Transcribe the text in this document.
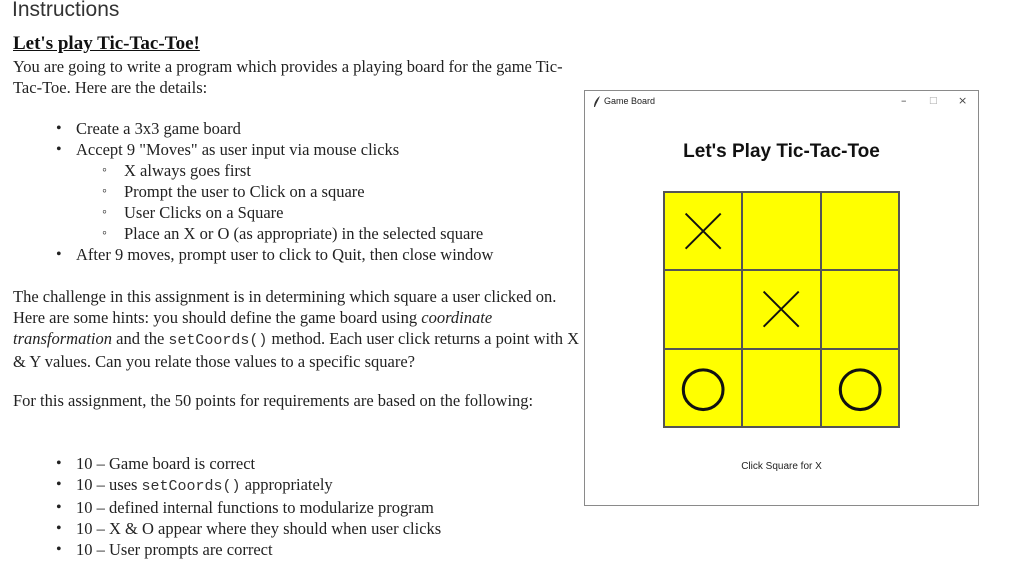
Instructions
Let's play Tic-Tac-Toe!
You are going to write a program which provides a playing board for the game Tic-Tac-Toe. Here are the details:
• Create a 3x3 game board
• Accept 9 "Moves" as user input via mouse clicks
◦ X always goes first
◦ Prompt the user to Click on a square
◦ User Clicks on a Square
◦ Place an X or O (as appropriate) in the selected square
• After 9 moves, prompt user to click to Quit, then close window
The challenge in this assignment is in determining which square a user clicked on. Here are some hints: you should define the game board using coordinate transformation and the setCoords() method. Each user click returns a point with X & Y values. Can you relate those values to a specific square?
For this assignment, the 50 points for requirements are based on the following:
• 10 – Game board is correct
• 10 – uses setCoords() appropriately
• 10 – defined internal functions to modularize program
• 10 – X & O appear where they should when user clicks
• 10 – User prompts are correct
Game Board	–	□ ×
Let's Play Tic-Tac-Toe
Click Square for X
